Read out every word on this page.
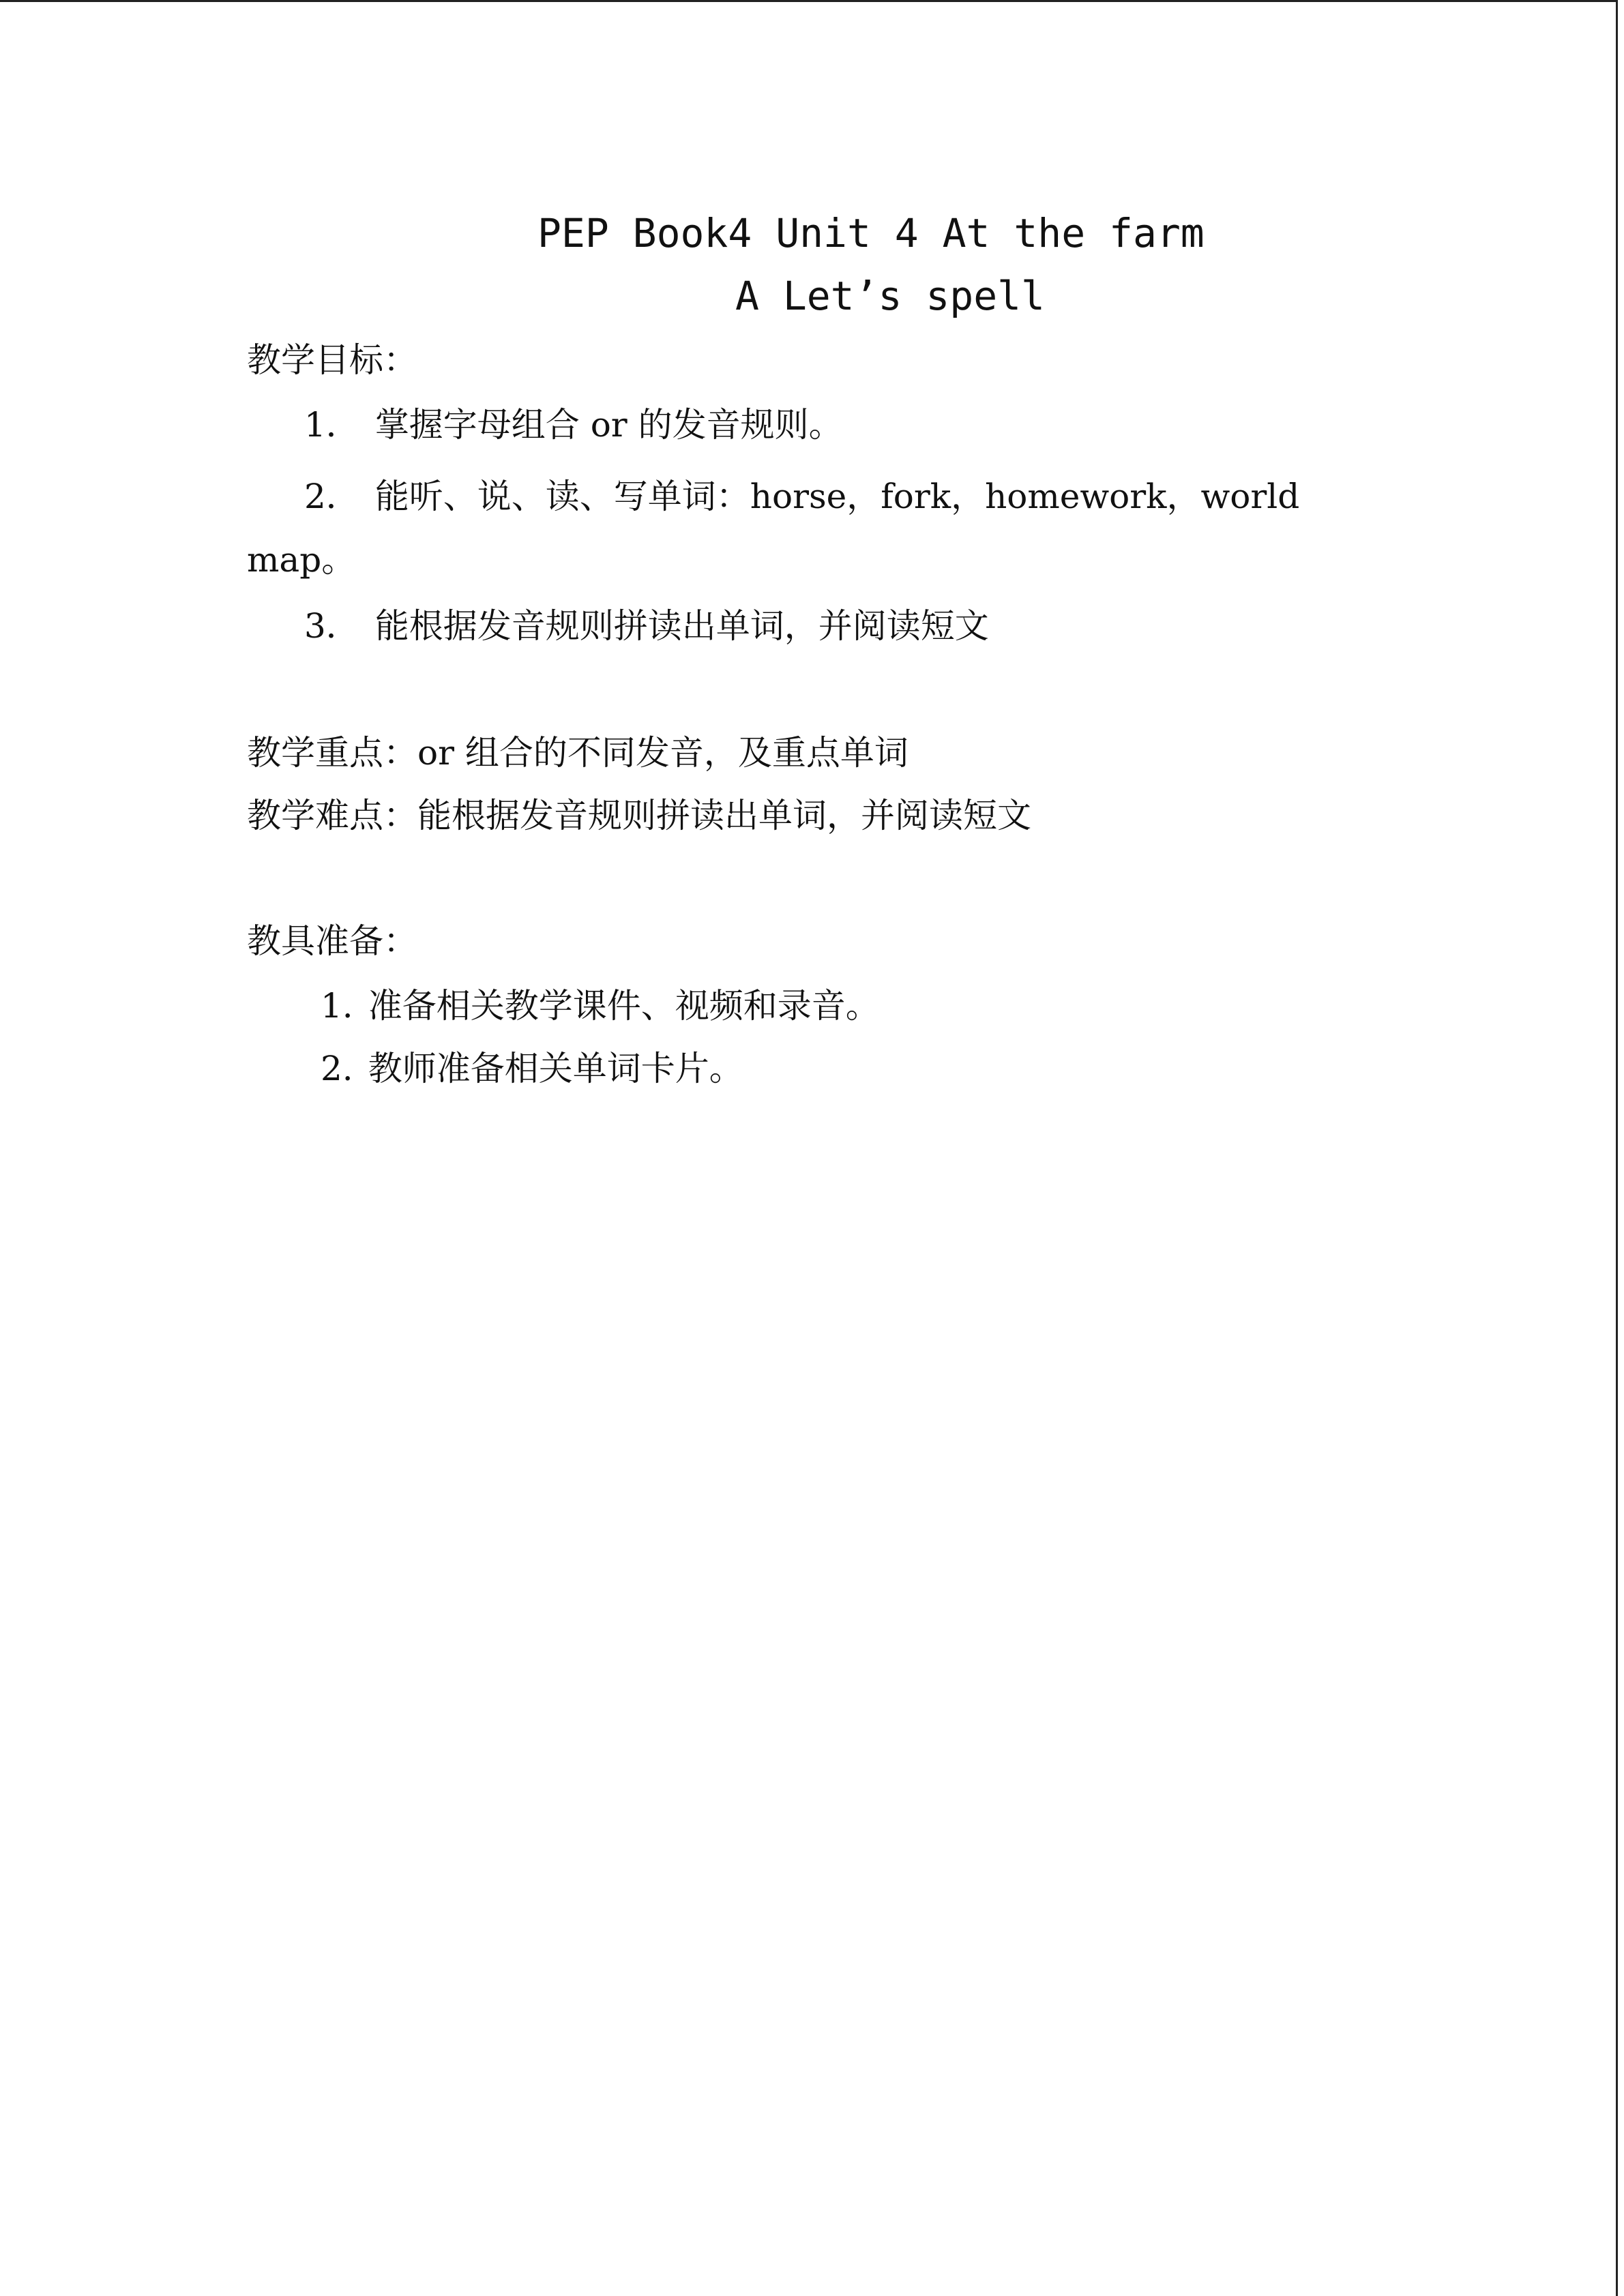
PEP Book4 Unit 4 At the farm
A Let’s spell
教学目标：
1． 掌握字母组合 or 的发音规则。
2． 能听、说、读、写单词：horse，fork，homework，world
map。
3． 能根据发音规则拼读出单词，并阅读短文
教学重点：or 组合的不同发音，及重点单词
教学难点：能根据发音规则拼读出单词，并阅读短文
教具准备：
1. 准备相关教学课件、视频和录音。
2. 教师准备相关单词卡片。
